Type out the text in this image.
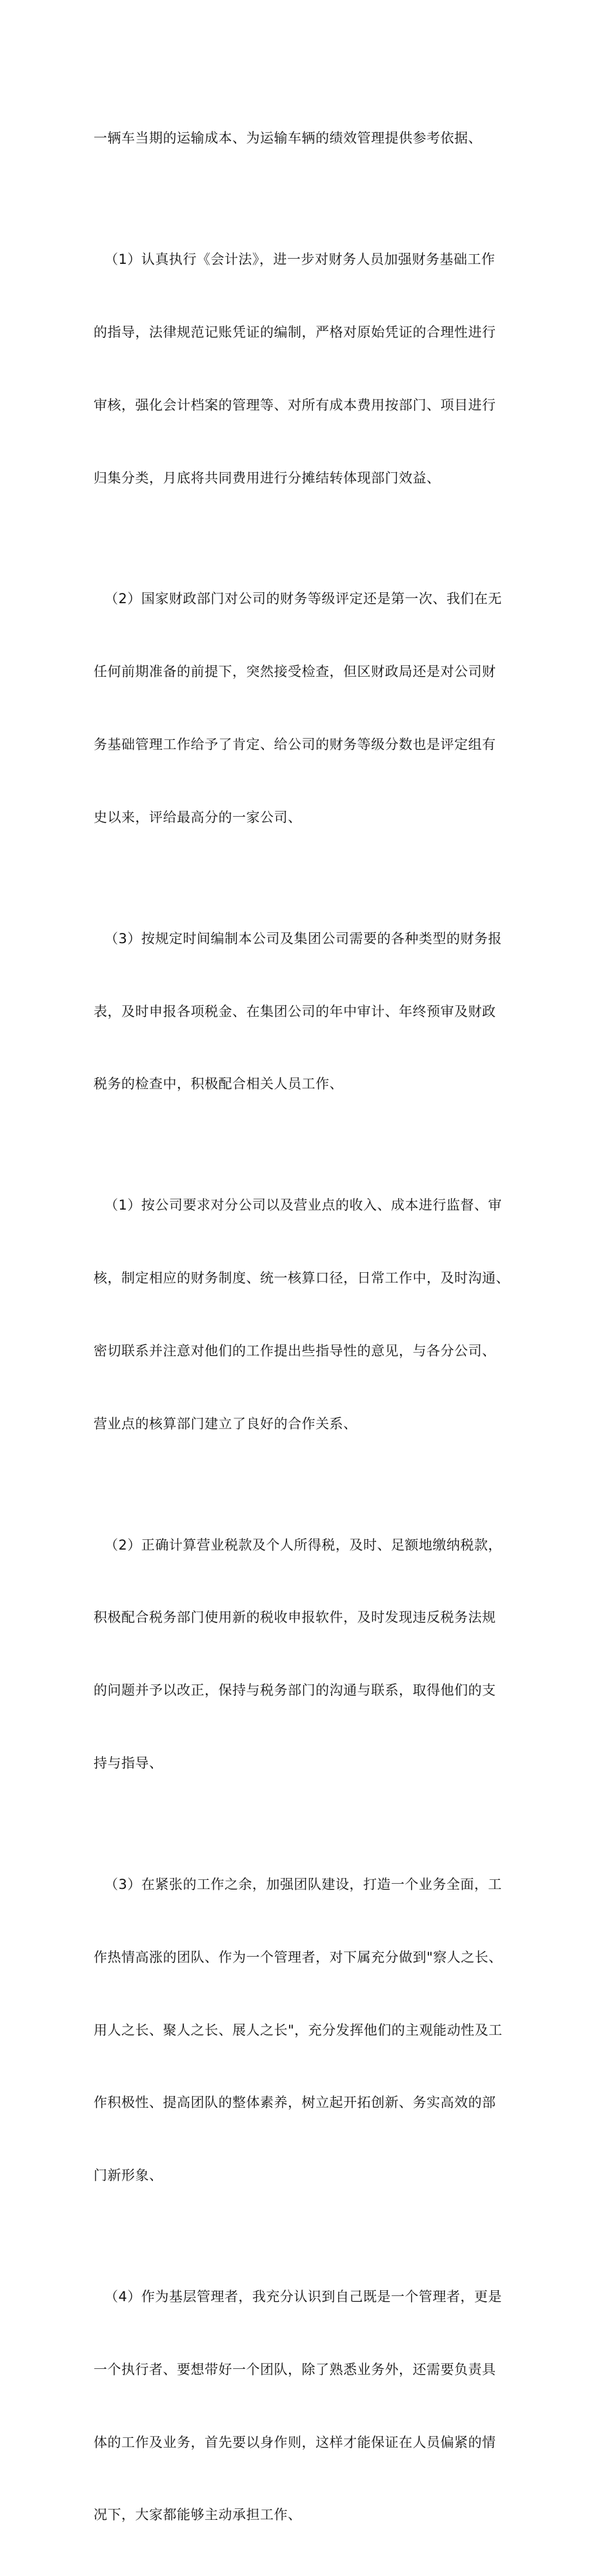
一辆车当期的运输成本、为运输车辆的绩效管理提供参考依据、

（1）认真执行《会计法》，进一步对财务人员加强财务基础工作

的指导，法律规范记账凭证的编制，严格对原始凭证的合理性进行

审核，强化会计档案的管理等、对所有成本费用按部门、项目进行

归集分类，月底将共同费用进行分摊结转体现部门效益、

（2）国家财政部门对公司的财务等级评定还是第一次、我们在无

任何前期准备的前提下，突然接受检查，但区财政局还是对公司财

务基础管理工作给予了肯定、给公司的财务等级分数也是评定组有

史以来，评给最高分的一家公司、

（3）按规定时间编制本公司及集团公司需要的各种类型的财务报

表，及时申报各项税金、在集团公司的年中审计、年终预审及财政

税务的检查中，积极配合相关人员工作、

（1）按公司要求对分公司以及营业点的收入、成本进行监督、审

核，制定相应的财务制度、统一核算口径，日常工作中，及时沟通、

密切联系并注意对他们的工作提出些指导性的意见，与各分公司、

营业点的核算部门建立了良好的合作关系、

（2）正确计算营业税款及个人所得税，及时、足额地缴纳税款，

积极配合税务部门使用新的税收申报软件，及时发现违反税务法规

的问题并予以改正，保持与税务部门的沟通与联系，取得他们的支

持与指导、

（3）在紧张的工作之余，加强团队建设，打造一个业务全面，工

作热情高涨的团队、作为一个管理者，对下属充分做到"察人之长、

用人之长、聚人之长、展人之长"，充分发挥他们的主观能动性及工

作积极性、提高团队的整体素养，树立起开拓创新、务实高效的部

门新形象、

（4）作为基层管理者，我充分认识到自己既是一个管理者，更是

一个执行者、要想带好一个团队，除了熟悉业务外，还需要负责具

体的工作及业务，首先要以身作则，这样才能保证在人员偏紧的情

况下，大家都能够主动承担工作、
